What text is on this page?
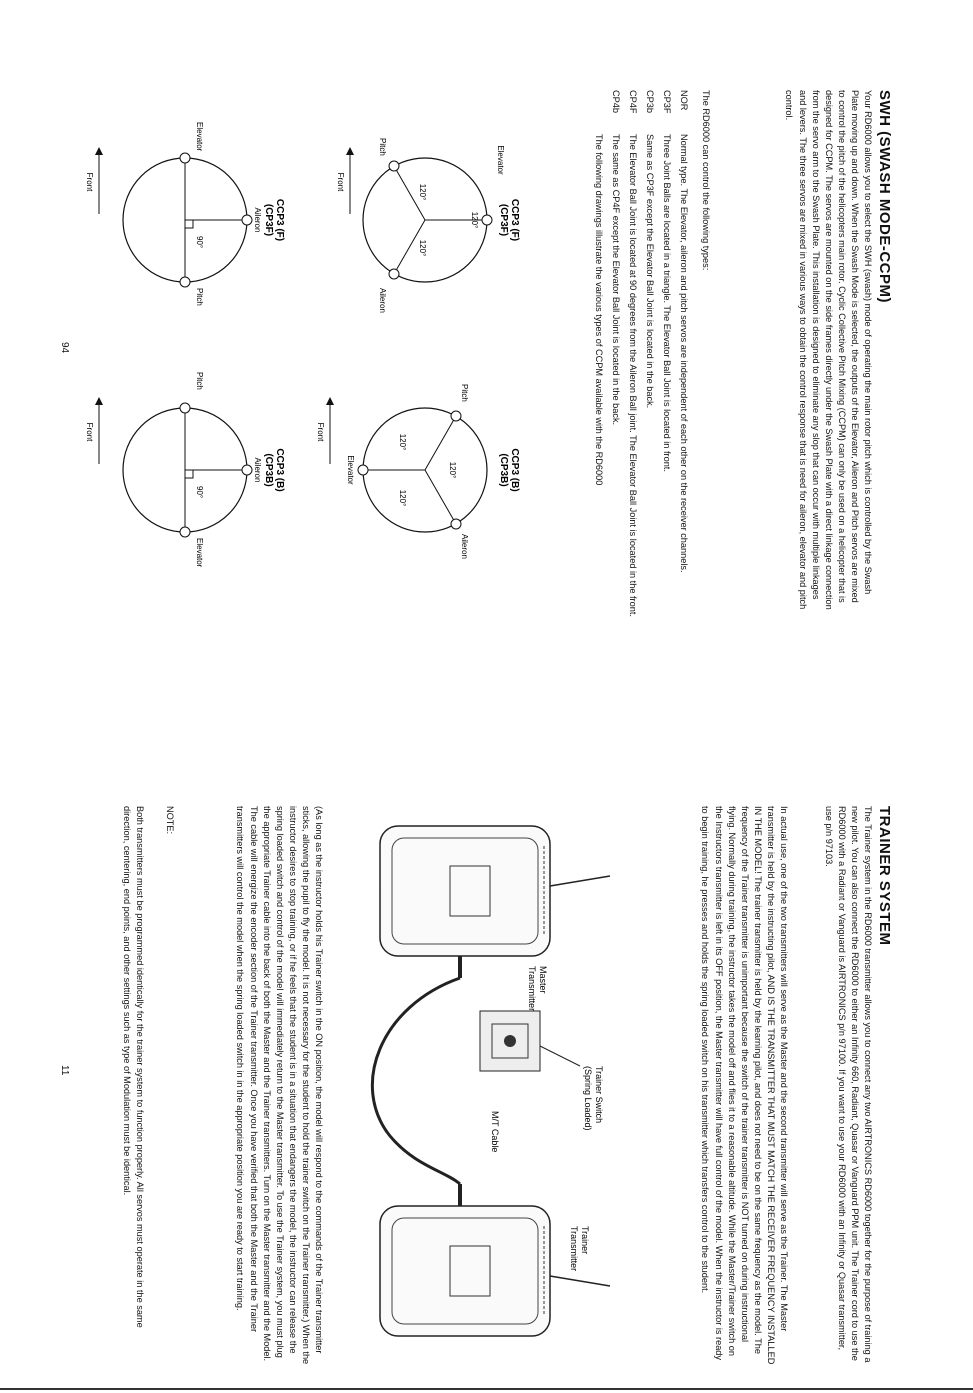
SWH (SWASH MODE-CCPM)

Your RD6000 allows you to select the SWH (swash) mode of operating the main rotor pitch which is controlled by the Swash Plate moving up and down. When the Swash Mode is selected, the outputs of the Elevator, Aileron and Pitch servos are mixed to control the pitch of the helicopters main rotor. Cyclic Collective Pitch Mixing (CCPM) can only be used on a helicopter that is designed for CCPM. The servos are mounted on the side frames directly under the Swash Plate with a direct linkage connection from the servo arm to the Swash Plate. This installation is designed to eliminate any slop that can occur with multiple linkages and levers. The three servos are mixed in various ways to obtain the control response that is need for aileron, elevator and pitch control.

The RD6000 can control the following types:

NOR
Normal type. The Elevator, aileron and pitch servos are independent of each other on the receiver channels.
CP3F
Three Joint Balls are located in a triangle. The Elevator Ball Joint is located in front.
CP3b
Same as CP3F except the Elevator Ball Joint is located in the back.
CP4F
The Elevator Ball Joint is located at 90 degrees from the Aileron Ball joint. The Elevator Ball Joint is located in the front.
CP4b
The same as CP4F except the Elevator Ball Joint is located in the back.
The following drawings illustrate the various types of CCPM available with the RD6000
CCP3 (F)
(CP3F)
120°
120°
120°
Elevator
Aileron
Pitch
Front
CCP3 (B)
(CP3B)
120°
120°
120°
Elevator
Aileron
Pitch
Front
CCP3 (F)
(CP3F)
90°
Aileron
Elevator
Pitch
Front
CCP3 (B)
(CP3B)
90°
Aileron
Elevator
Pitch
Front
94
TRAINER SYSTEM

The Trainer system in the RD6000 transmitter allows you to connect any two AIRTRONICS RD6000 together for the purpose of training a new pilot. You can also connect the RD6000 to either an Infinity 660, Radiant, Quasar or Vanguard PPM unit. The Trainer cord to use the RD6000 with a Radiant or Vanguard is AIRTRONICS p/n 97100. If you want to use your RD6000 with an Infinity or Quasar transmitter, use p/n 97103.

In actual use, one of the two transmitters will serve as the Master and the second transmitter will serve as the Trainer. The Master transmitter is held by the instructing pilot, AND IS THE TRANSMITTER THAT MUST MATCH THE RECEIVER FREQUENCY INSTALLED IN THE MODEL! The trainer transmitter is held by the learning pilot, and does not need to be on the same frequency as the model. The frequency of the Trainer transmitter is unimportant because the switch of the trainer transmitter is NOT turned on during instructional flying. Normally during training, the instructor takes the model off and flies it to a reasonable altitude. While the Master/Trainer switch on the Instructors transmitter is left in its OFF position, the Master transmitter will have full control of the model. When the instructor is ready to begin training, he presses and holds the spring loaded switch on his transmitter which transfers control to the student.

Trainer Switch
(Spring Loaded)
Master
Transmitter
Trainer
Transmitter
M/T Cable

(As long as the instructor holds his Trainer switch in the ON position, the model will respond to the commands of the Trainer transmitter sticks, allowing the pupil to fly the model. It is not necessary for the student to hold the trainer switch on the Trainer transmitter.) When the instructor desires to stop training, or if he feels that the student is in a situation that endangers the model, the instructor can release the spring loaded switch and control of the model will immediately return to the Master transmitter. To use the Trainer system, you must plug the appropriate Trainer cable into the back of both the Master and the Trainer transmitters. Turn on the Master transmitter and the Model. The cable will energize the encoder section of the Trainer transmitter. Once you have verified that both the Master and the Trainer transmitters will control the model when the spring loaded switch in in the appropriate position you are ready to start training.

NOTE:

Both transmitters must be programmed identically for the trainer system to function properly. All servos must operate in the same direction, centering, end points, and other settings such as type of Modulation must be identical.

11
